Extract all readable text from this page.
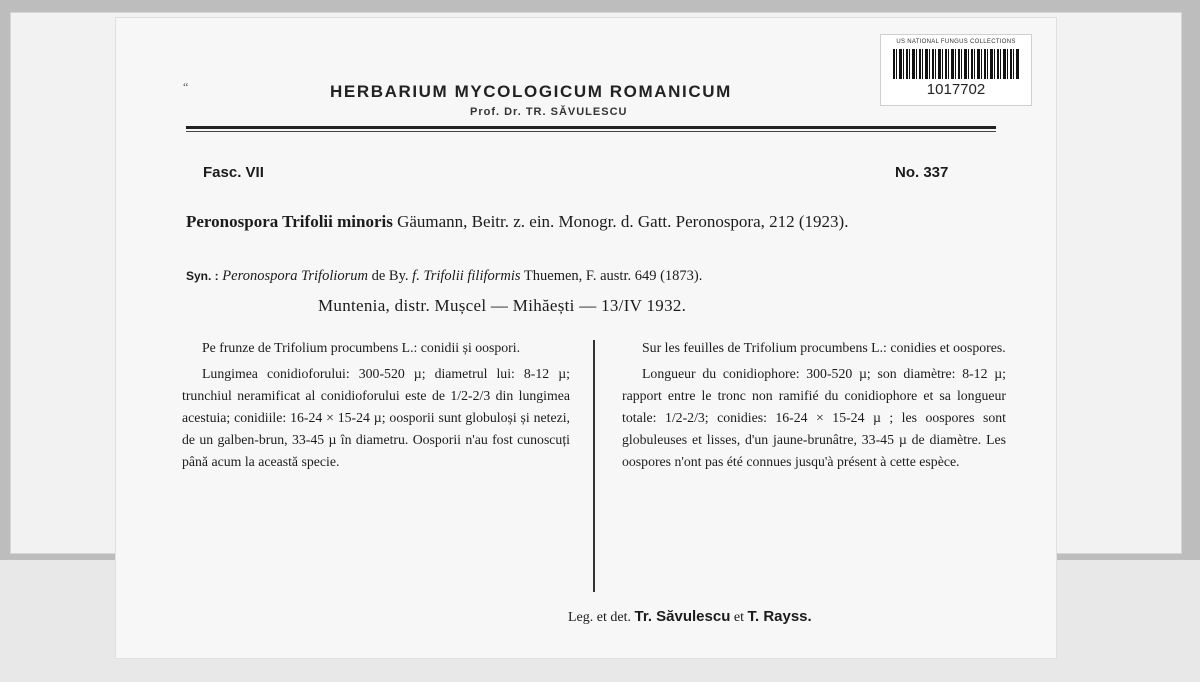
US NATIONAL FUNGUS COLLECTIONS
1017702
“	HERBARIUM MYCOLOGICUM ROMANICUM
Prof. Dr. TR. SĂVULESCU
Fasc. VII	No. 337
Peronospora Trifolii minoris Gäumann, Beitr. z. ein. Monogr. d. Gatt. Peronospora, 212 (1923).
Syn. : Peronospora Trifoliorum de By. f. Trifolii filiformis Thuemen, F. austr. 649 (1873).
Muntenia, distr. Mușcel — Mihăești — 13/IV 1932.

Pe frunze de Trifolium procumbens L.: conidii și oospori.

Lungimea conidioforului: 300-520 µ; diametrul lui: 8-12 µ; trunchiul neramificat al conidioforului este de 1/2-2/3 din lungimea acestuia; conidiile: 16-24 × 15-24 µ; oosporii sunt globuloși și netezi, de un galben-brun, 33-45 µ în diametru. Oosporii n'au fost cunoscuți până acum la această specie.

Sur les feuilles de Trifolium procumbens L.: conidies et oospores.

Longueur du conidiophore: 300-520 µ; son diamètre: 8-12 µ; rapport entre le tronc non ramifié du conidiophore et sa longueur totale: 1/2-2/3; conidies: 16-24 × 15-24 µ ; les oospores sont globuleuses et lisses, d'un jaune-brunâtre, 33-45 µ de diamètre. Les oospores n'ont pas été connues jusqu'à présent à cette espèce.

Leg. et det. Tr. Săvulescu et T. Rayss.
